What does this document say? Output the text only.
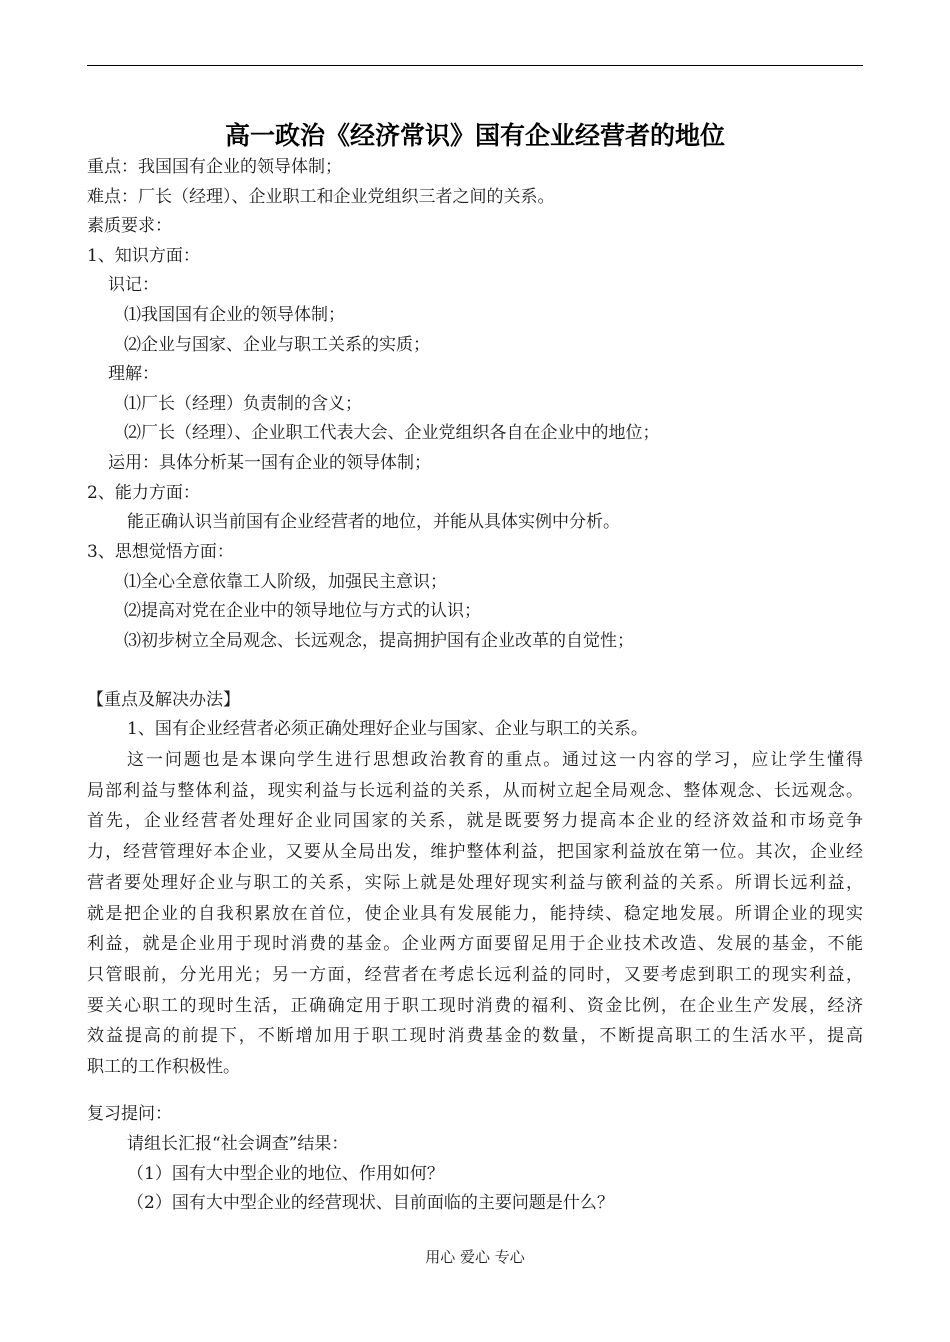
高一政治《经济常识》国有企业经营者的地位
重点：我国国有企业的领导体制；
难点：厂长（经理）、企业职工和企业党组织三者之间的关系。
素质要求：
1、知识方面：
识记：
⑴我国国有企业的领导体制；
⑵企业与国家、企业与职工关系的实质；
理解：
⑴厂长（经理）负责制的含义；
⑵厂长（经理）、企业职工代表大会、企业党组织各自在企业中的地位；
运用：具体分析某一国有企业的领导体制；
2、能力方面：
能正确认识当前国有企业经营者的地位，并能从具体实例中分析。
3、思想觉悟方面：
⑴全心全意依靠工人阶级，加强民主意识；
⑵提高对党在企业中的领导地位与方式的认识；
⑶初步树立全局观念、长远观念，提高拥护国有企业改革的自觉性；
【重点及解决办法】
1、国有企业经营者必须正确处理好企业与国家、企业与职工的关系。
这一问题也是本课向学生进行思想政治教育的重点。通过这一内容的学习，应让学生懂得
局部利益与整体利益，现实利益与长远利益的关系，从而树立起全局观念、整体观念、长远观念。
首先，企业经营者处理好企业同国家的关系，就是既要努力提高本企业的经济效益和市场竞争
力，经营管理好本企业，又要从全局出发，维护整体利益，把国家利益放在第一位。其次，企业经
营者要处理好企业与职工的关系，实际上就是处理好现实利益与篏利益的关系。所谓长远利益，
就是把企业的自我积累放在首位，使企业具有发展能力，能持续、稳定地发展。所谓企业的现实
利益，就是企业用于现时消费的基金。企业两方面要留足用于企业技术改造、发展的基金，不能
只管眼前，分光用光；另一方面，经营者在考虑长远利益的同时，又要考虑到职工的现实利益，
要关心职工的现时生活，正确确定用于职工现时消费的福利、资金比例，在企业生产发展，经济
效益提高的前提下，不断增加用于职工现时消费基金的数量，不断提高职工的生活水平，提高
职工的工作积极性。
复习提问：
请组长汇报“社会调查”结果：
（1）国有大中型企业的地位、作用如何？
（2）国有大中型企业的经营现状、目前面临的主要问题是什么？
用心 爱心 专心
